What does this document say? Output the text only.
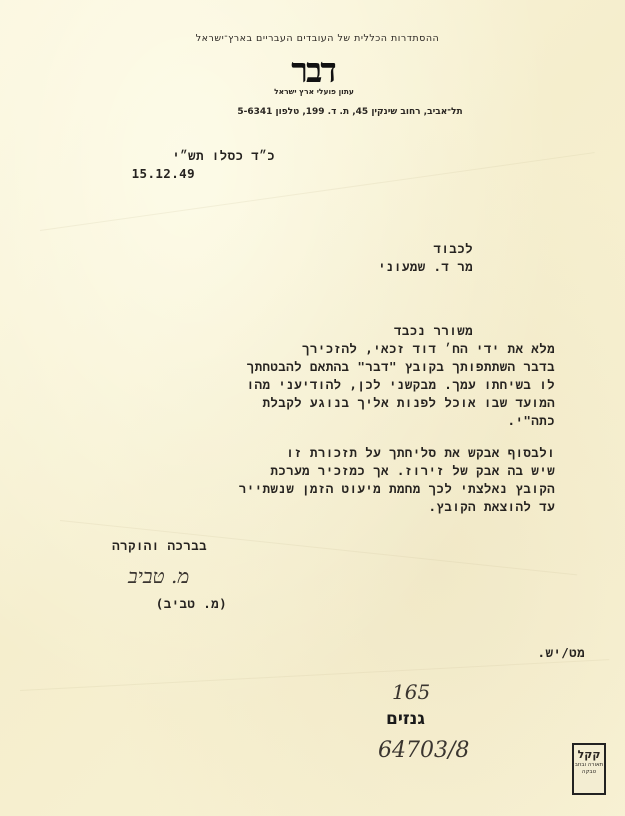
ההסתדרות הכללית של העובדים העבריים בארץ־ישראל
דבר
עתון פועלי ארץ ישראל
תל־אביב, רחוב שינקין 45, ת. ד. 199, טלפון 5-6341
כ״ד כסלו תש״י
15.12.49
לכבוד
מר ד. שמעוני
משורר נכבד
מלא את ידי הח׳ דוד זכאי, להזכירך
בדבר השתתפותך בקובץ "דבר" בהתאם להבטחתך
לו בשיחתו עמך. מבקשני לכן, להודיעני מהו
המועד שבו אוכל לפנות אליך בנוגע לקבלת
כתה"י.
ולבסוף אבקש את סליחתך על תזכורת זו
שיש בה אבק של זירוז. אך כמזכיר מערכת
הקובץ נאלצתי לכך מחמת מיעוט הזמן שנשתייר
עד להוצאת הקובץ.
בברכה והוקרה
מ. טביב
(מ. טביב)
מט/יש.
165
גנזים
64703/8	קקל
תאורה ובוזב טבקה
